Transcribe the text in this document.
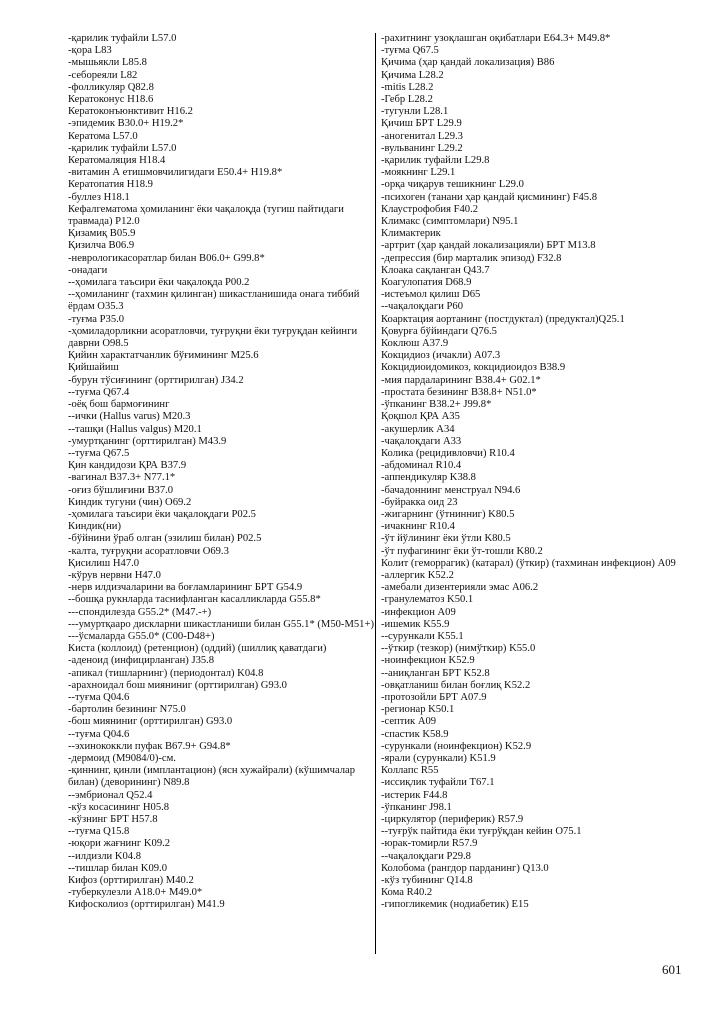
-қарилик туфайли L57.0
-қора L83
-мышьякли L85.8
-себореяли L82
-фолликуляр Q82.8
Кератоконус H18.6
Кератоконъюнктивит H16.2
-эпидемик B30.0+ H19.2*
Кератома L57.0
-қарилик туфайли L57.0
Кератомаляция H18.4
-витамин А етишмовчилигидаги E50.4+ H19.8*
Кератопатия H18.9
-буллез H18.1
Кефалгематома ҳомиланинг ёки чақалоқда (тугиш пайтидаги травмада) P12.0
Қизамиқ B05.9
Қизилча B06.9
-неврологикасоратлар билан B06.0+ G99.8*
-онадаги
--ҳомилага таъсири ёки чақалоқда P00.2
--ҳомиланинг (тахмин қилинган) шикастланишида онага тиббий ёрдам O35.3
-туғма P35.0
-ҳомиладорликни асоратловчи, туғруқни ёки туғруқдан кейинги даврни O98.5
Қийин характатчанлик бўғимининг M25.6
Қийшайиш
-бурун тўсиғининг (орттирилган) J34.2
--туғма Q67.4
-оёқ бош бармоғининг
--ички (Hallus varus) M20.3
--ташқи (Hallus valgus) M20.1
-умуртқанинг (орттирилган) M43.9
--туғма Q67.5
Қин кандидози ҚРА B37.9
-вагинал B37.3+ N77.1*
-оғиз бўшлиғини B37.0
Киндик тугуни (чин) O69.2
-ҳомилага таъсири ёки чақалоқдаги P02.5
Киндик(ни)
-бўйнини ўраб олган (эзилиш билан) P02.5
-калта, туғруқни асоратловчи O69.3
Қисилиш H47.0
-кўрув нервни H47.0
-нерв илдизчаларини ва боғламларининг БРТ G54.9
--бошқа рукнларда таснифланган касалликларда G55.8*
---спондилезда G55.2* (M47.-+)
---умуртқааро дискларни шикастланиши билан G55.1* (M50-M51+)
---ўсмаларда G55.0* (C00-D48+)
Киста (коллоид) (ретенцион) (оддий) (шиллиқ қаватдаги)
-аденоид (инфицирланган) J35.8
-апикал (тишларнинг) (периодонтал) K04.8
-арахноидал бош мияниниг (орттирилган) G93.0
--туғма Q04.6
-бартолин безининг N75.0
-бош мияниниг (орттирилган) G93.0
--туғма Q04.6
--эхинококкли пуфак B67.9+ G94.8*
-дермоид (M9084/0)-см.
-қиннинг, қинли (имплантацион) (ясн хужайрали) (кўшимчалар билан) (деворининг) N89.8
--эмбрионал Q52.4
-кўз косасининг H05.8
-кўзнинг БРТ H57.8
--туғма Q15.8
-юқори жағнинг K09.2
--илдизли K04.8
--тишлар билан K09.0
Кифоз (орттирилган) M40.2
-туберкулезли A18.0+ M49.0*
Кифосколиоз (орттирилган) M41.9
-рахитнинг узоқлашган оқибатлари E64.3+ M49.8*
-туғма Q67.5
Қичима (ҳар қандай локализация) B86
Қичима L28.2
-mitis L28.2
-Гебр L28.2
-тугунли L28.1
Қичиш БРТ L29.9
-аногенитал L29.3
-вульванинг L29.2
-қарилик туфайли L29.8
-моякнинг L29.1
-орқа чиқарув тешикнинг L29.0
-психоген (танани ҳар қандай қисмининг) F45.8
Клаустрофобия F40.2
Климакс (симптомлари) N95.1
Климактерик
-артрит (ҳар қандай локализацияли) БРТ M13.8
-депрессия (бир марталик эпизод) F32.8
Клоака сақланган Q43.7
Коагулопатия D68.9
-истеъмол қилиш D65
--чақалоқдаги P60
Коарктация аортанинг (постдуктал) (предуктал)Q25.1
Қовурға бўйиндаги Q76.5
Коклюш A37.9
Кокцидиоз (ичакли) A07.3
Кокцидиоидомикоз, кокцидиоидоз B38.9
-мия пардаларининг B38.4+ G02.1*
-простата безининг B38.8+ N51.0*
-ўпканинг B38.2+ J99.8*
Қоқшол ҚРА A35
-акушерлик A34
-чақалоқдаги A33
Колика (рецидивловчи) R10.4
-абдоминал R10.4
-аппендикуляр K38.8
-бачадоннинг менструал N94.6
-буйракка оид 23
-жигарнинг (ўтнинниг) K80.5
-ичакнинг R10.4
-ўт йўлининг ёки ўтли K80.5
-ўт пуфагининг ёки ўт-тошли K80.2
Колит (геморрагик) (катарал) (ўткир) (тахминан инфекцион) A09
-аллергик K52.2
-амебали дизентерияли эмас A06.2
-гранулематоз K50.1
-инфекцион A09
-ишемик K55.9
--сурункали K55.1
--ўткир (тезкор) (нимўткир) K55.0
-ноинфекцион K52.9
--аниқланган БРТ K52.8
-овқатланиш билан боғлиқ K52.2
-протозойли БРТ A07.9
-регионар K50.1
-септик A09
-спастик K58.9
-сурункали (ноинфекцион) K52.9
-ярали (сурункали) K51.9
Коллапс R55
-иссиқлик туфайли T67.1
-истерик F44.8
-ўпканинг J98.1
-циркулятор (периферик) R57.9
--туғрўк пайтида ёки туғрўқдан кейин O75.1
-юрак-томирли R57.9
--чақалоқдаги P29.8
Колобома (рангдор парданинг) Q13.0
-кўз тубининг Q14.8
Кома R40.2
-гипогликемик (нодиабетик) E15
601
